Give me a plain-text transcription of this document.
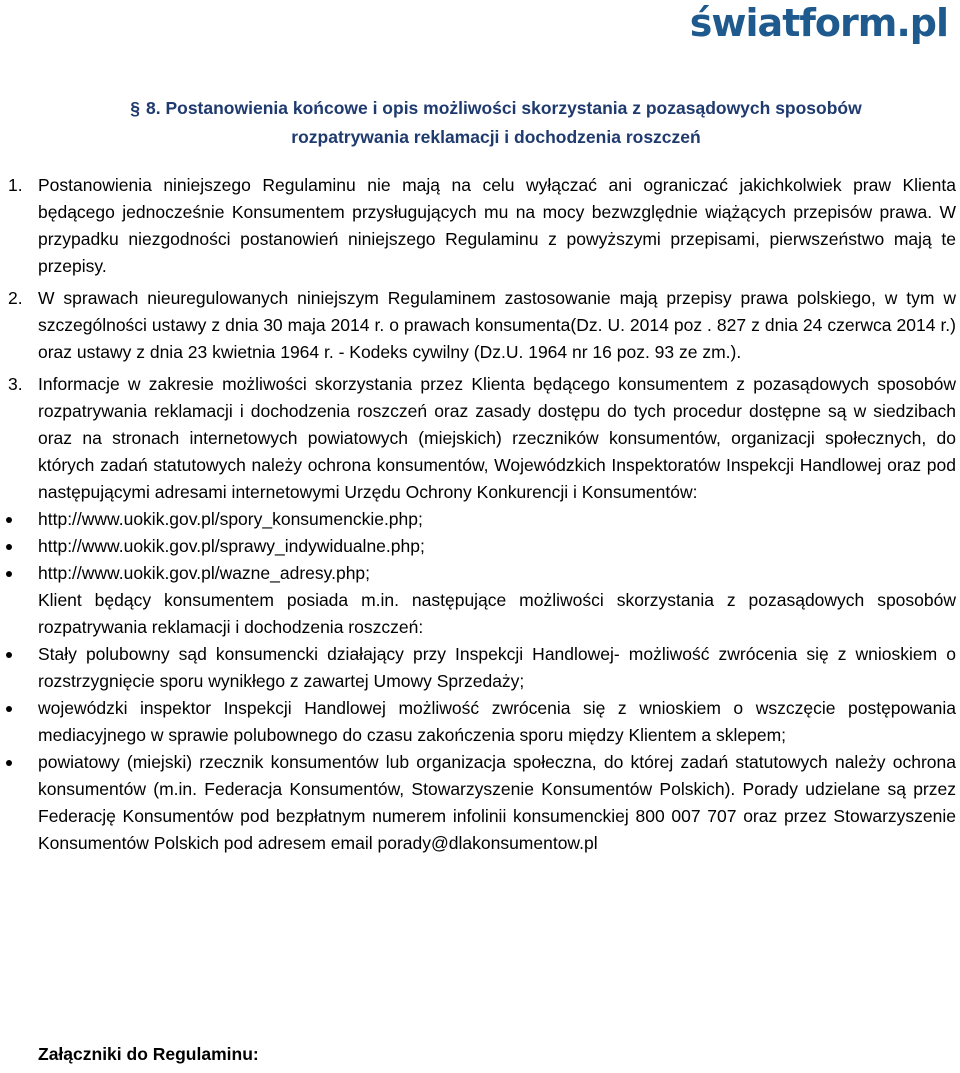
światform.pl
§ 8. Postanowienia końcowe i opis możliwości skorzystania z pozasądowych sposobów rozpatrywania reklamacji i dochodzenia roszczeń
1. Postanowienia niniejszego Regulaminu nie mają na celu wyłączać ani ograniczać jakichkolwiek praw Klienta będącego jednocześnie Konsumentem przysługujących mu na mocy bezwzględnie wiążących przepisów prawa. W przypadku niezgodności postanowień niniejszego Regulaminu z powyższymi przepisami, pierwszeństwo mają te przepisy.
2. W sprawach nieuregulowanych niniejszym Regulaminem zastosowanie mają przepisy prawa polskiego, w tym w szczególności ustawy z dnia 30 maja 2014 r. o prawach konsumenta(Dz. U. 2014 poz . 827 z dnia 24 czerwca 2014 r.) oraz ustawy z dnia 23 kwietnia 1964 r. - Kodeks cywilny (Dz.U. 1964 nr 16 poz. 93 ze zm.).
3. Informacje w zakresie możliwości skorzystania przez Klienta będącego konsumentem z pozasądowych sposobów rozpatrywania reklamacji i dochodzenia roszczeń oraz zasady dostępu do tych procedur dostępne są w siedzibach oraz na stronach internetowych powiatowych (miejskich) rzeczników konsumentów, organizacji społecznych, do których zadań statutowych należy ochrona konsumentów, Wojewódzkich Inspektoratów Inspekcji Handlowej oraz pod następującymi adresami internetowymi Urzędu Ochrony Konkurencji i Konsumentów:
http://www.uokik.gov.pl/spory_konsumenckie.php;
http://www.uokik.gov.pl/sprawy_indywidualne.php;
http://www.uokik.gov.pl/wazne_adresy.php;
Klient będący konsumentem posiada m.in. następujące możliwości skorzystania z pozasądowych sposobów rozpatrywania reklamacji i dochodzenia roszczeń:
Stały polubowny sąd konsumencki działający przy Inspekcji Handlowej- możliwość zwrócenia się z wnioskiem o rozstrzygnięcie sporu wynikłego z zawartej Umowy Sprzedaży;
wojewódzki inspektor Inspekcji Handlowej możliwość zwrócenia się z wnioskiem o wszczęcie postępowania mediacyjnego w sprawie polubownego do czasu zakończenia sporu między Klientem a sklepem;
powiatowy (miejski) rzecznik konsumentów lub organizacja społeczna, do której zadań statutowych należy ochrona konsumentów (m.in. Federacja Konsumentów, Stowarzyszenie Konsumentów Polskich). Porady udzielane są przez Federację Konsumentów pod bezpłatnym numerem infolinii konsumenckiej 800 007 707 oraz przez Stowarzyszenie Konsumentów Polskich pod adresem email porady@dlakonsumentow.pl
Załączniki do Regulaminu:
